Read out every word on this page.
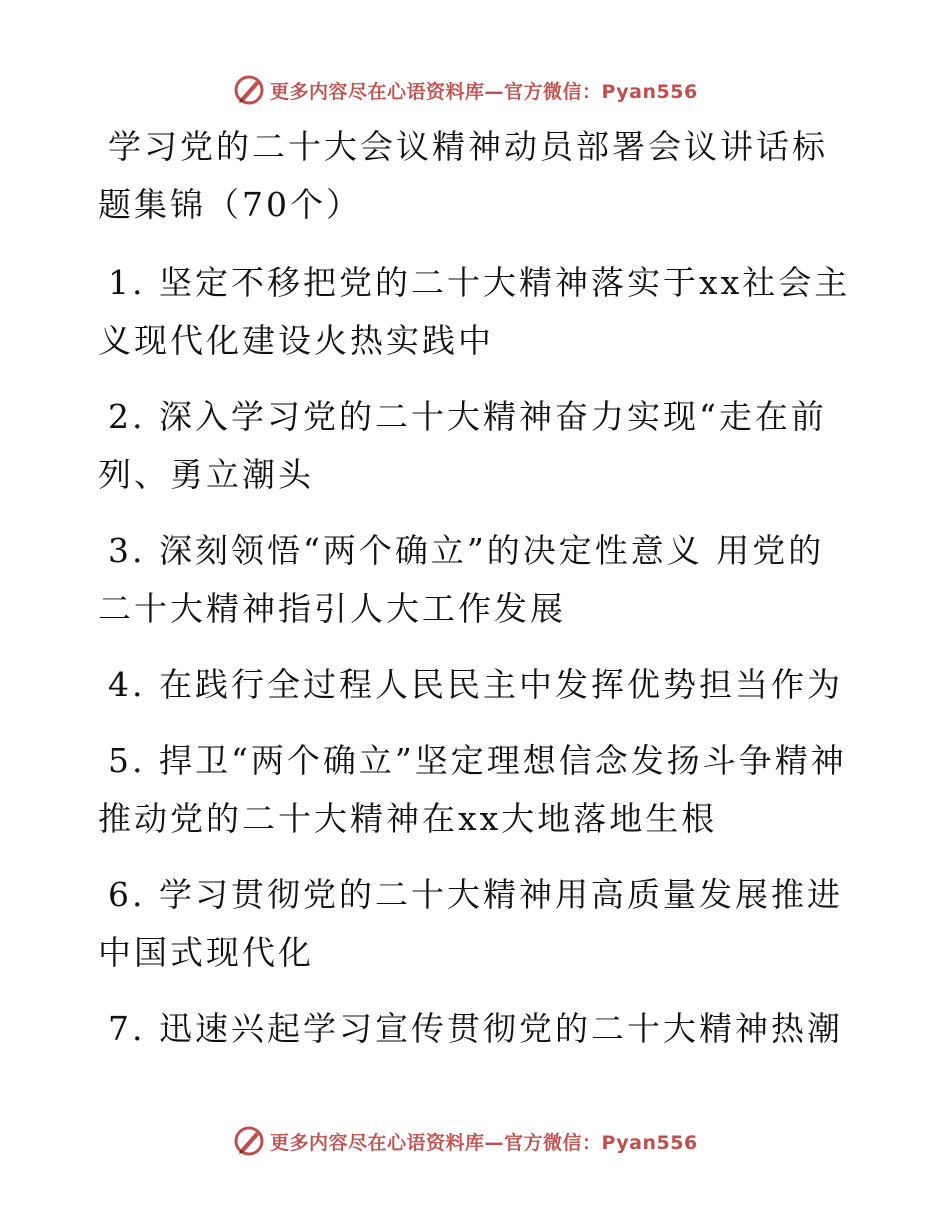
更多内容尽在心语资料库—官方微信：Pyan556

学习党的二十大会议精神动员部署会议讲话标题集锦（70个）

1. 坚定不移把党的二十大精神落实于xx社会主义现代化建设火热实践中

2. 深入学习党的二十大精神奋力实现“走在前列、勇立潮头

3. 深刻领悟“两个确立”的决定性意义 用党的二十大精神指引人大工作发展

4. 在践行全过程人民民主中发挥优势担当作为

5. 捍卫“两个确立”坚定理想信念发扬斗争精神推动党的二十大精神在xx大地落地生根

6. 学习贯彻党的二十大精神用高质量发展推进中国式现代化

7. 迅速兴起学习宣传贯彻党的二十大精神热潮

更多内容尽在心语资料库—官方微信：Pyan556
